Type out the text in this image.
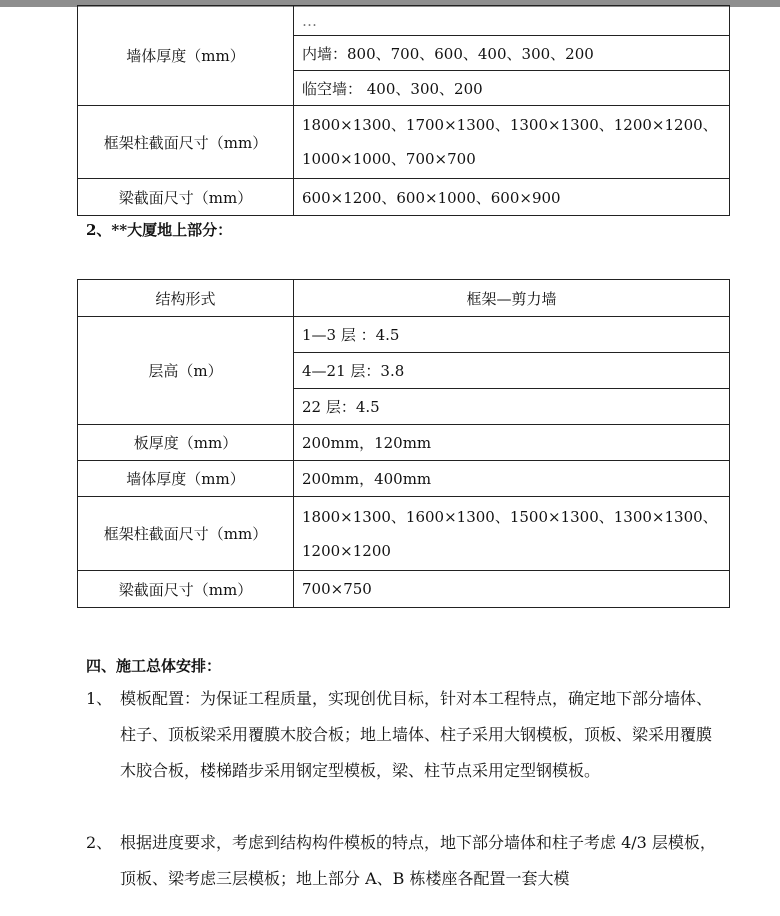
墙体厚度（mm）	…
	内墙：800、700、600、400、300、200
	临空墙： 400、300、200
框架柱截面尺寸（mm）	1800×1300、1700×1300、1300×1300、1200×1200、1000×1000、700×700
梁截面尺寸（mm）	600×1200、600×1000、600×900
2、**大厦地上部分：
结构形式	框架—剪力墙
层高（m）	1—3 层 ：4.5
	4—21 层：3.8
	22 层：4.5
板厚度（mm）	200mm，120mm
墙体厚度（mm）	200mm，400mm
框架柱截面尺寸（mm）	1800×1300、1600×1300、1500×1300、1300×1300、1200×1200
梁截面尺寸（mm）	700×750
四、施工总体安排：
1、 模板配置：为保证工程质量，实现创优目标，针对本工程特点，确定地下部分墙体、柱子、顶板梁采用覆膜木胶合板；地上墙体、柱子采用大钢模板，顶板、梁采用覆膜木胶合板，楼梯踏步采用钢定型模板，梁、柱节点采用定型钢模板。
2、 根据进度要求，考虑到结构构件模板的特点，地下部分墙体和柱子考虑 4/3 层模板，顶板、梁考虑三层模板；地上部分 A、B 栋楼座各配置一套大模
